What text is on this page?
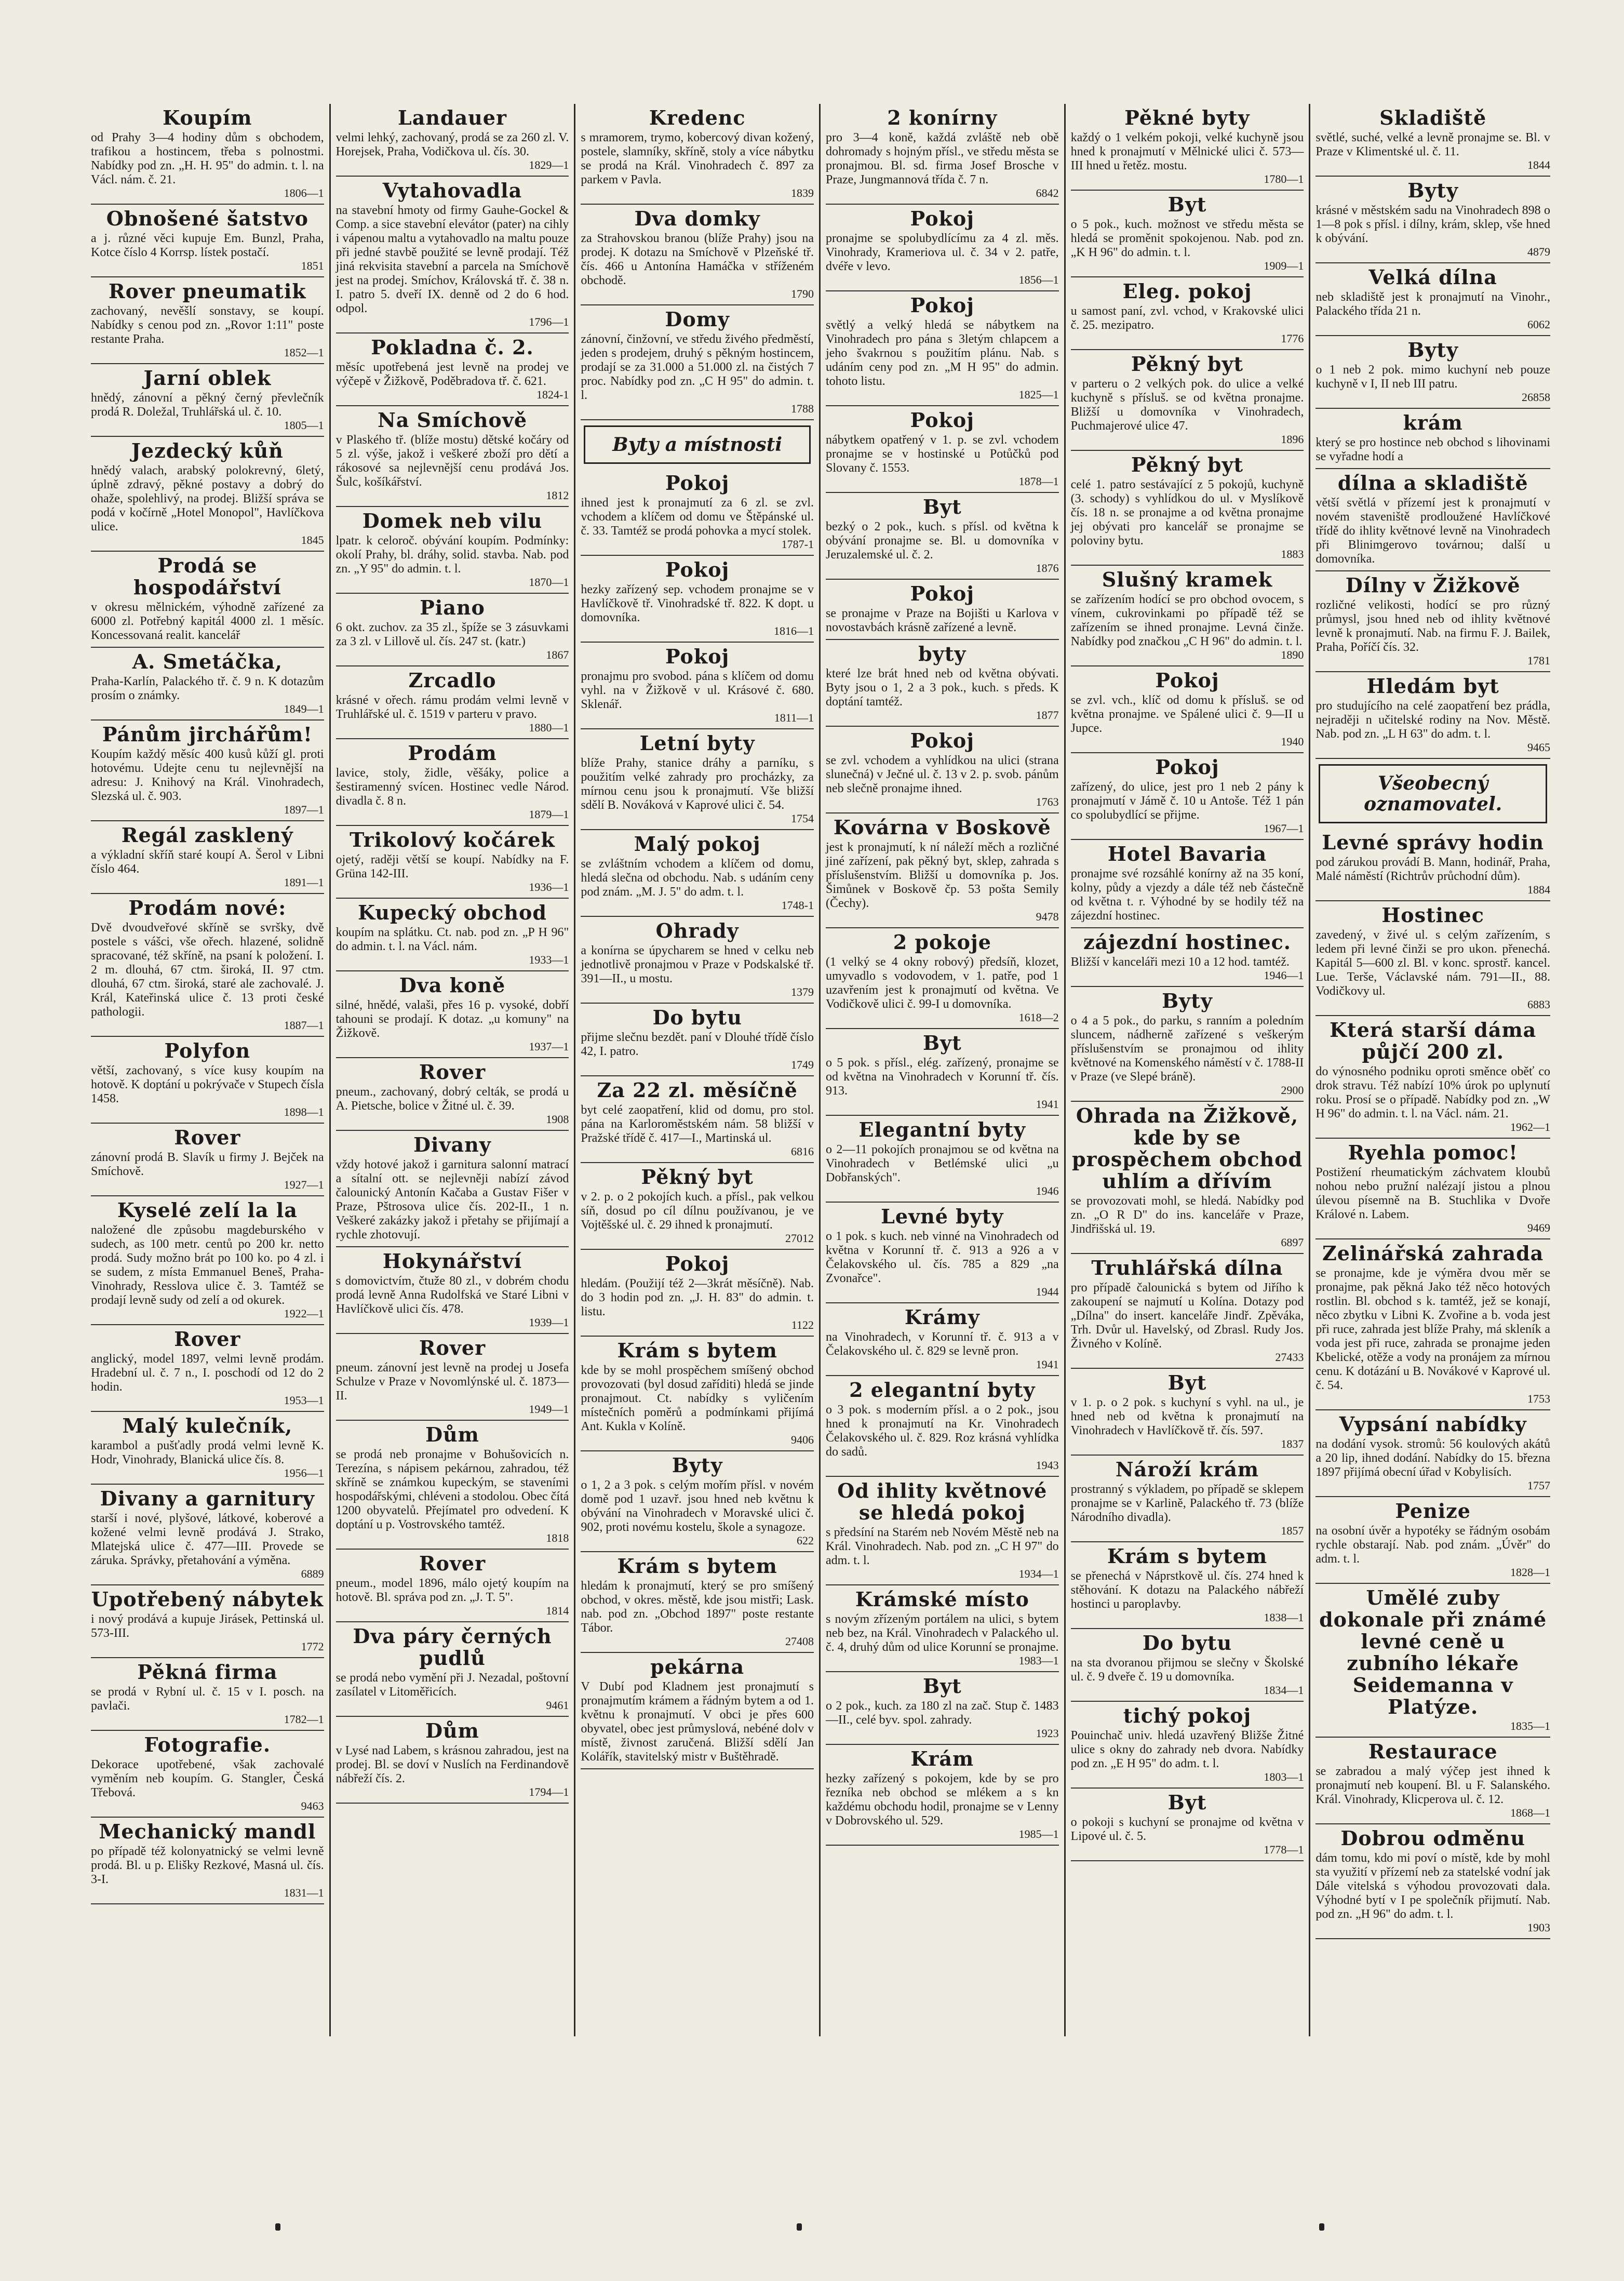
Koupím

od Prahy 3—4 hodiny dům s obchodem, trafikou a hostincem, třeba s polnostmi. Nabídky pod zn. „H. H. 95" do admin. t. l. na Václ. nám. č. 21.

1806—1
Obnošené šatstvo

a j. různé věci kupuje Em. Bunzl, Praha, Kotce číslo 4 Korrsp. lístek postačí.

1851
Rover pneumatik

zachovaný, nevěšlí sonstavy, se koupí. Nabídky s cenou pod zn. „Rovor 1:11" poste restante Praha.

1852—1
Jarní oblek

hnědý, zánovní a pěkný černý převlečník prodá R. Doležal, Truhlářská ul. č. 10.

1805—1
Jezdecký kůň

hnědý valach, arabský polokrevný, 6letý, úplně zdravý, pěkné postavy a dobrý do ohaže, spolehlivý, na prodej. Bližší správa se podá v kočírně „Hotel Monopol", Havlíčkova ulice.

1845
Prodá se hospodářství

v okresu mělnickém, výhodně zařízené za 6000 zl. Potřebný kapitál 4000 zl. 1 měsíc. Koncessovaná realit. kancelář

A. Smetáčka,

Praha-Karlín, Palackého tř. č. 9 n. K dotazům prosím o známky.

1849—1
Pánům jirchářům!

Koupím každý měsíc 400 kusů kůží gl. proti hotovému. Udejte cenu tu nejlevnější na adresu: J. Knihový na Král. Vinohradech, Slezská ul. č. 903.

1897—1
Regál zasklený

a výkladní skříň staré koupí A. Šerol v Libni číslo 464.

1891—1
Prodám nové:

Dvě dvoudveřové skříně se svršky, dvě postele s vášci, vše ořech. hlazené, solidně spracované, též skříně, na psaní k položení. I. 2 m. dlouhá, 67 ctm. široká, II. 97 ctm. dlouhá, 67 ctm. široká, staré ale zachovalé. J. Král, Kateřinská ulice č. 13 proti české pathologii.

1887—1
Polyfon

větší, zachovaný, s více kusy koupím na hotově. K doptání u pokrývače v Stupech čísla 1458.

1898—1
Rover

zánovní prodá B. Slavík u firmy J. Bejček na Smíchově.

1927—1
Kyselé zelí la la

naložené dle způsobu magdeburského v sudech, as 100 metr. centů po 200 kr. netto prodá. Sudy možno brát po 100 ko. po 4 zl. i se sudem, z místa Emmanuel Beneš, Praha-Vinohrady, Resslova ulice č. 3. Tamtéž se prodají levně sudy od zelí a od okurek.

1922—1
Rover

anglický, model 1897, velmi levně prodám. Hradební ul. č. 7 n., I. poschodí od 12 do 2 hodin.

1953—1
Malý kulečník,

karambol a pušťadly prodá velmi levně K. Hodr, Vinohrady, Blanická ulice čís. 8.

1956—1
Divany a garnitury

starší i nové, plyšové, látkové, koberové a kožené velmi levně prodává J. Strako, Mlatejská ulice č. 477—III. Provede se záruka. Správky, přetahování a výměna.

6889
Upotřebený nábytek

i nový prodává a kupuje Jirásek, Pettinská ul. 573-III.

1772
Pěkná firma

se prodá v Rybní ul. č. 15 v I. posch. na pavlači.

1782—1
Fotografie.

Dekorace upotřebené, však zachovalé vyměním neb koupím. G. Stangler, Česká Třebová.

9463
Mechanický mandl

po případě též kolonyatnický se velmi levně prodá. Bl. u p. Elišky Rezkové, Masná ul. čís. 3-I.

1831—1
Landauer

velmi lehký, zachovaný, prodá se za 260 zl. V. Horejsek, Praha, Vodičkova ul. čís. 30.

1829—1
Vytahovadla

na stavební hmoty od firmy Gauhe-Gockel & Comp. a sice stavební elevátor (pater) na cihly i vápenou maltu a vytahovadlo na maltu pouze při jedné stavbě použité se levně prodají. Též jiná rekvisita stavební a parcela na Smíchově jest na prodej. Smíchov, Královská tř. č. 38 n. I. patro 5. dveří IX. denně od 2 do 6 hod. odpol.

1796—1
Pokladna č. 2.

měsíc upotřebená jest levně na prodej ve výčepě v Žižkově, Poděbradova tř. č. 621.

1824-1
Na Smíchově

v Plaského tř. (blíže mostu) dětské kočáry od 5 zl. výše, jakož i veškeré zboží pro dětí a rákosové sa nejlevnější cenu prodává Jos. Šulc, košíkářství.

1812
Domek neb vilu

lpatr. k celoroč. obývání koupím. Podmínky: okolí Prahy, bl. dráhy, solid. stavba. Nab. pod zn. „Y 95" do admin. t. l.

1870—1
Piano

6 okt. zuchov. za 35 zl., špíže se 3 zásuvkami za 3 zl. v Lillově ul. čís. 247 st. (katr.)

1867
Zrcadlo

krásné v ořech. rámu prodám velmi levně v Truhlářské ul. č. 1519 v parteru v pravo.

1880—1
Prodám

lavice, stoly, židle, věšáky, police a šestiramenný svícen. Hostinec vedle Národ. divadla č. 8 n.

1879—1
Trikolový kočárek

ojetý, raději větší se koupí. Nabídky na F. Grüna 142-III.

1936—1
Kupecký obchod

koupím na splátku. Ct. nab. pod zn. „P H 96" do admin. t. l. na Václ. nám.

1933—1
Dva koně

silné, hnědé, valaši, přes 16 p. vysoké, dobří tahouni se prodají. K dotaz. „u komuny" na Žižkově.

1937—1
Rover

pneum., zachovaný, dobrý celták, se prodá u A. Pietsche, bolice v Žitné ul. č. 39.

1908
Divany

vždy hotové jakož i garnitura salonní matrací a sítalní ott. se nejlevněji nabízí závod čalounický Antonín Kačaba a Gustav Fišer v Praze, Pštrosova ulice čís. 202-II., 1 n. Veškeré zakázky jakož i přetahy se přijímají a rychle zhotovují.

Hokynářství

s domovictvím, čtuže 80 zl., v dobrém chodu prodá levně Anna Rudolfská ve Staré Libni v Havlíčkově ulici čís. 478.

1939—1
Rover

pneum. zánovní jest levně na prodej u Josefa Schulze v Praze v Novomlýnské ul. č. 1873—II.

1949—1
Dům

se prodá neb pronajme v Bohušovicích n. Terezína, s nápisem pekárnou, zahradou, též skříně se známkou kupeckým, se staveními hospodářskými, chléveni a stodolou. Obec čítá 1200 obyvatelů. Přejímatel pro odvedení. K doptání u p. Vostrovského tamtéž.

1818
Rover

pneum., model 1896, málo ojetý koupím na hotově. Bl. správa pod zn. „J. T. 5".

1814
Dva páry černých pudlů

se prodá nebo vymění při J. Nezadal, poštovní zasílatel v Litoměřicích.

9461
Dům

v Lysé nad Labem, s krásnou zahradou, jest na prodej. Bl. se doví v Nuslích na Ferdinandově nábřeží čís. 2.

1794—1
Kredenc

s mramorem, trymo, kobercový divan kožený, postele, slamníky, skříně, stoly a více nábytku se prodá na Král. Vinohradech č. 897 za parkem v Pavla.

1839
Dva domky

za Strahovskou branou (blíže Prahy) jsou na prodej. K dotazu na Smíchově v Plzeňské tř. čís. 466 u Antonína Hamáčka v stříženém obchodě.

1790
Domy

zánovní, činžovní, ve středu živého předměstí, jeden s prodejem, druhý s pěkným hostincem, prodají se za 31.000 a 51.000 zl. na čistých 7 proc. Nabídky pod zn. „C H 95" do admin. t. l.

1788
Byty a místnosti
Pokoj

ihned jest k pronajmutí za 6 zl. se zvl. vchodem a klíčem od domu ve Štěpánské ul. č. 33. Tamtéž se prodá pohovka a mycí stolek.

1787-1
Pokoj

hezky zařízený sep. vchodem pronajme se v Havlíčkově tř. Vinohradské tř. 822. K dopt. u domovníka.

1816—1
Pokoj

pronajmu pro svobod. pána s klíčem od domu vyhl. na v Žižkově v ul. Krásové č. 680. Sklenář.

1811—1
Letní byty

blíže Prahy, stanice dráhy a parníku, s použitím velké zahrady pro procházky, za mírnou cenu jsou k pronajmutí. Vše bližší sdělí B. Nováková v Kaprové ulici č. 54.

1754
Malý pokoj

se zvláštním vchodem a klíčem od domu, hledá slečna od obchodu. Nab. s udáním ceny pod znám. „M. J. 5" do adm. t. l.

1748-1
Ohrady

a konírna se úpycharem se hned v celku neb jednotlivě pronajmou v Praze v Podskalské tř. 391—II., u mostu.

1379
Do bytu

přijme slečnu bezdět. paní v Dlouhé třídě číslo 42, I. patro.

1749
Za 22 zl. měsíčně

byt celé zaopatření, klid od domu, pro stol. pána na Karloroměstském nám. 58 bližší v Pražské třídě č. 417—I., Martinská ul.

6816
Pěkný byt

v 2. p. o 2 pokojích kuch. a přísl., pak velkou síň, dosud po cíl dílnu používanou, je ve Vojtěšské ul. č. 29 ihned k pronajmutí.

27012
Pokoj

hledám. (Použijí též 2—3krát měsíčně). Nab. do 3 hodin pod zn. „J. H. 83" do admin. t. listu.

1122
Krám s bytem

kde by se mohl prospěchem smíšený obchod provozovati (byl dosud zaříditi) hledá se jinde pronajmout. Ct. nabídky s vyličením místečních poměrů a podmínkami přijímá Ant. Kukla v Kolíně.

9406
Byty

o 1, 2 a 3 pok. s celým mořím přísl. v novém domě pod 1 uzavř. jsou hned neb květnu k obývání na Vinohradech v Moravské ulici č. 902, proti novému kostelu, škole a synagoze.

622
Krám s bytem

hledám k pronajmutí, který se pro smíšený obchod, v okres. městě, kde jsou mistři; Lask. nab. pod zn. „Obchod 1897" poste restante Tábor.

27408
pekárna

V Dubí pod Kladnem jest pronajmutí s pronajmutím krámem a řádným bytem a od 1. květnu k pronajmutí. V obci je přes 600 obyvatel, obec jest průmyslová, nebéné dolv v místě, živnost zaručená. Bližší sdělí Jan Kolářík, stavitelský mistr v Buštěhradě.

2 konírny

pro 3—4 koně, každá zvláště neb obě dohromady s hojným přísl., ve středu města se pronajmou. Bl. sd. firma Josef Brosche v Praze, Jungmannová třída č. 7 n.

6842
Pokoj

pronajme se spolubydlícímu za 4 zl. měs. Vinohrady, Krameriova ul. č. 34 v 2. patře, dvéře v levo.

1856—1
Pokoj

světlý a velký hledá se nábytkem na Vinohradech pro pána s 3letým chlapcem a jeho švakrnou s použitím plánu. Nab. s udáním ceny pod zn. „M H 95" do admin. tohoto listu.

1825—1
Pokoj

nábytkem opatřený v 1. p. se zvl. vchodem pronajme se v hostinské u Potůčků pod Slovany č. 1553.

1878—1
Byt

bezký o 2 pok., kuch. s přísl. od května k obývání pronajme se. Bl. u domovníka v Jeruzalemské ul. č. 2.

1876
Pokoj

se pronajme v Praze na Bojišti u Karlova v novostavbách krásně zařízené a levně.

byty

které lze brát hned neb od května obývati. Byty jsou o 1, 2 a 3 pok., kuch. s předs. K doptání tamtéž.

1877
Pokoj

se zvl. vchodem a vyhlídkou na ulici (strana slunečná) v Ječné ul. č. 13 v 2. p. svob. pánům neb slečně pronajme ihned.

1763
Kovárna v Boskově

jest k pronajmutí, k ní náleží měch a rozličné jiné zařízení, pak pěkný byt, sklep, zahrada s příslušenstvím. Bližší u domovníka p. Jos. Šimůnek v Boskově čp. 53 pošta Semily (Čechy).

9478
2 pokoje

(1 velký se 4 okny robový) předsíň, klozet, umyvadlo s vodovodem, v 1. patře, pod 1 uzavřením jest k pronajmutí od května. Ve Vodičkově ulici č. 99-I u domovníka.

1618—2
Byt

o 5 pok. s přísl., elég. zařízený, pronajme se od května na Vinohradech v Korunní tř. čís. 913.

1941
Elegantní byty

o 2—11 pokojích pronajmou se od května na Vinohradech v Betlémské ulici „u Dobřanských".

1946
Levné byty

o 1 pok. s kuch. neb vinné na Vinohradech od května v Korunní tř. č. 913 a 926 a v Čelakovského ul. čís. 785 a 829 „na Zvonařce".

1944
Krámy

na Vinohradech, v Korunní tř. č. 913 a v Čelakovského ul. č. 829 se levně pron.

1941
2 elegantní byty

o 3 pok. s moderním přísl. a o 2 pok., jsou hned k pronajmutí na Kr. Vinohradech Čelakovského ul. č. 829. Roz krásná vyhlídka do sadů.

1943
Od ihlity květnové se hledá pokoj

s předsíní na Starém neb Novém Městě neb na Král. Vinohradech. Nab. pod zn. „C H 97" do adm. t. l.

1934—1
Krámské místo

s novým zřízeným portálem na ulici, s bytem neb bez, na Král. Vinohradech v Palackého ul. č. 4, druhý dům od ulice Korunní se pronajme.

1983—1
Byt

o 2 pok., kuch. za 180 zl na zač. Stup č. 1483—II., celé byv. spol. zahrady.

1923
Krám

hezky zařízený s pokojem, kde by se pro řezníka neb obchod se mlékem a s kn každému obchodu hodil, pronajme se v Lenny v Dobrovského ul. 529.

1985—1
Pěkné byty

každý o 1 velkém pokoji, velké kuchyně jsou hned k pronajmutí v Mělnické ulici č. 573—III hned u řetěz. mostu.

1780—1
Byt

o 5 pok., kuch. možnost ve středu města se hledá se proměnit spokojenou. Nab. pod zn. „K H 96" do admin. t. l.

1909—1
Eleg. pokoj

u samost paní, zvl. vchod, v Krakovské ulici č. 25. mezipatro.

1776
Pěkný byt

v parteru o 2 velkých pok. do ulice a velké kuchyně s přísluš. se od května pronajme. Bližší u domovníka v Vinohradech, Puchmajerové ulice 47.

1896
Pěkný byt

celé 1. patro sestávající z 5 pokojů, kuchyně (3. schody) s vyhlídkou do ul. v Myslíkově čís. 18 n. se pronajme a od května pronajme jej obývati pro kancelář se pronajme se poloviny bytu.

1883
Slušný kramek

se zařízením hodící se pro obchod ovocem, s vínem, cukrovinkami po případě též se zařízením se ihned pronajme. Levná činže. Nabídky pod značkou „C H 96" do admin. t. l.

1890
Pokoj

se zvl. vch., klíč od domu k přísluš. se od května pronajme. ve Spálené ulici č. 9—II u Jupce.

1940
Pokoj

zařízený, do ulice, jest pro 1 neb 2 pány k pronajmutí v Jámě č. 10 u Antoše. Též 1 pán co spolubydlící se přijme.

1967—1
Hotel Bavaria

pronajme své rozsáhlé konírny až na 35 koní, kolny, půdy a vjezdy a dále též neb částečně od května t. r. Výhodné by se hodily též na zájezdní hostinec.

zájezdní hostinec.

Bližší v kanceláři mezi 10 a 12 hod. tamtéž.

1946—1
Byty

o 4 a 5 pok., do parku, s ranním a poledním sluncem, nádherně zařízené s veškerým příslušenstvím se pronajmou od ihlity květnové na Komenského náměstí v č. 1788-II v Praze (ve Slepé bráně).

2900
Ohrada na Žižkově, kde by se prospěchem obchod uhlím a dřívím

se provozovati mohl, se hledá. Nabídky pod zn. „O R D" do ins. kanceláře v Praze, Jindřišská ul. 19.

6897
Truhlářská dílna

pro případě čalounická s bytem od Jiřího k zakoupení se najmutí u Kolína. Dotazy pod „Dílna" do insert. kanceláře Jindř. Zpěváka, Trh. Dvůr ul. Havelský, od Zbrasl. Rudy Jos. Živného v Kolíně.

27433
Byt

v 1. p. o 2 pok. s kuchyní s vyhl. na ul., je hned neb od května k pronajmutí na Vinohradech v Havlíčkově tř. čís. 597.

1837
Nároží krám

prostranný s výkladem, po případě se sklepem pronajme se v Karlině, Palackého tř. 73 (blíže Národního divadla).

1857
Krám s bytem

se přenechá v Náprstkově ul. čís. 274 hned k stěhování. K dotazu na Palackého nábřeží hostinci u paroplavby.

1838—1
Do bytu

na sta dvoranou přijmou se slečny v Školské ul. č. 9 dveře č. 19 u domovníka.

1834—1
tichý pokoj

Pouinchač univ. hledá uzavřený Bližše Žitné ulice s okny do zahrady neb dvora. Nabídky pod zn. „E H 95" do adm. t. l.

1803—1
Byt

o pokoji s kuchyní se pronajme od května v Lipové ul. č. 5.

1778—1
Skladiště

světlé, suché, velké a levně pronajme se. Bl. v Praze v Klimentské ul. č. 11.

1844
Byty

krásné v městském sadu na Vinohradech 898 o 1—8 pok s přísl. i dílny, krám, sklep, vše hned k obývání.

4879
Velká dílna

neb skladiště jest k pronajmutí na Vinohr., Palackého třída 21 n.

6062
Byty

o 1 neb 2 pok. mimo kuchyní neb pouze kuchyně v I, II neb III patru.

26858
krám

který se pro hostince neb obchod s lihovinami se vyřadne hodí a

dílna a skladiště

větší světlá v přízemí jest k pronajmutí v novém staveniště prodloužené Havlíčkové třídě do ihlity květnové levně na Vinohradech při Blinimgerovo továrnou; další u domovníka.

Dílny v Žižkově

rozličné velikosti, hodící se pro různý průmysl, jsou hned neb od ihlity květnové levně k pronajmutí. Nab. na firmu F. J. Bailek, Praha, Poříčí čís. 32.

1781
Hledám byt

pro studujícího na celé zaopatření bez prádla, nejraději n učitelské rodiny na Nov. Městě. Nab. pod zn. „L H 63" do adm. t. l.

9465
Všeobecný oznamovatel.
Levné správy hodin

pod zárukou provádí B. Mann, hodinář, Praha, Malé náměstí (Richtrův průchodní dům).

1884
Hostinec

zavedený, v živé ul. s celým zařízením, s ledem při levné činži se pro ukon. přenechá. Kapitál 5—600 zl. Bl. v konc. sprostř. kancel. Lue. Terše, Václavské nám. 791—II., 88. Vodičkovy ul.

6883
Která starší dáma půjčí 200 zl.

do výnosného podniku oproti směnce oběť co drok stravu. Též nabízí 10% úrok po uplynutí roku. Prosí se o případě. Nabídky pod zn. „W H 96" do admin. t. l. na Václ. nám. 21.

1962—1
Ryehla pomoc!

Postižení rheumatickým záchvatem kloubů nohou nebo pružní nalézají jistou a plnou úlevou písemně na B. Stuchlika v Dvoře Králové n. Labem.

9469
Zelinářská zahrada

se pronajme, kde je výměra dvou měr se pronajme, pak pěkná Jako též něco hotových rostlin. Bl. obchod s k. tamtéž, jež se konají, něco zbytku v Libni K. Zvořine a b. voda jest při ruce, zahrada jest blíže Prahy, má skleník a voda jest při ruce, zahrada se pronajme jeden Kbelické, otěže a vody na pronájem za mírnou cenu. K dotázání u B. Novákové v Kaprové ul. č. 54.

1753
Vypsání nabídky

na dodání vysok. stromů: 56 koulových akátů a 20 lip, ihned dodání. Nabídky do 15. března 1897 přijímá obecní úřad v Kobylisích.

1757
Penize

na osobní úvěr a hypotéky se řádným osobám rychle obstarají. Nab. pod znám. „Úvěr" do adm. t. l.

1828—1
Umělé zuby dokonale při známé levné ceně u zubního lékaře Seidemanna v Platýze.
1835—1
Restaurace

se zabradou a malý výčep jest ihned k pronajmutí neb koupení. Bl. u F. Salanského. Král. Vinohrady, Klicperova ul. č. 12.

1868—1
Dobrou odměnu

dám tomu, kdo mi poví o místě, kde by mohl sta využití v přízemí neb za statelské vodní jak Dále vitelská s výhodou provozovati dala. Výhodné bytí v I pe společník přijmutí. Nab. pod zn. „H 96" do adm. t. l.

1903
